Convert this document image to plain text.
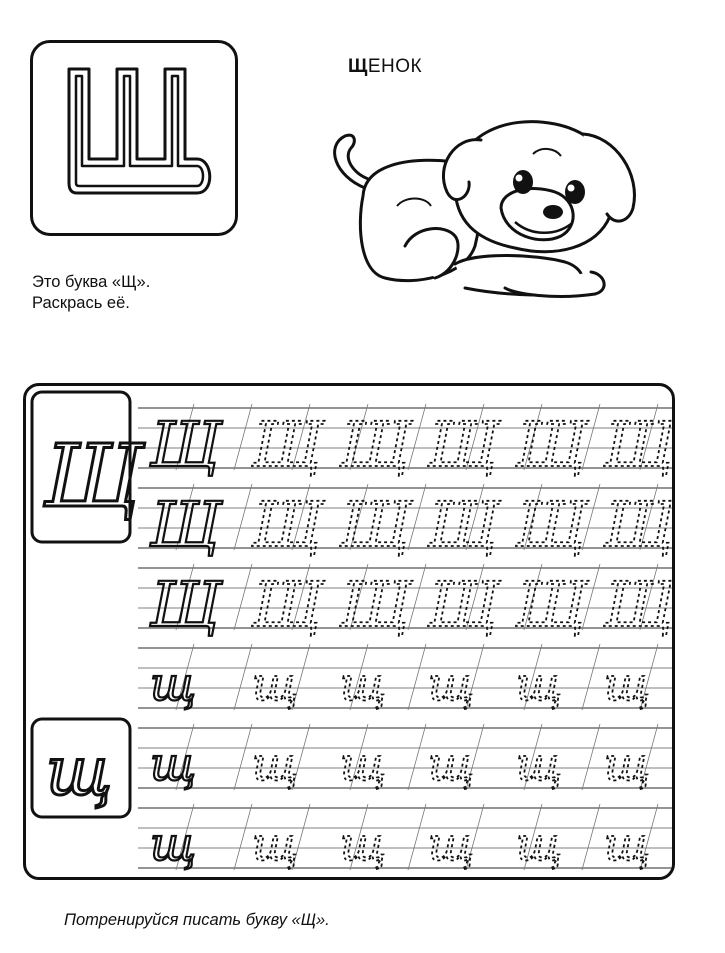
ЩЕНОК
Это буква «Щ».
Раскрась её.
Щ Щ Щ Щ Щ Щ
Щ Щ Щ Щ Щ Щ
Щ Щ Щ Щ Щ Щ
щ щ щ щ щ щ
щ щ щ щ щ щ
щ щ щ щ щ щ
Щ
щ
Потренируйся писать букву «Щ».
